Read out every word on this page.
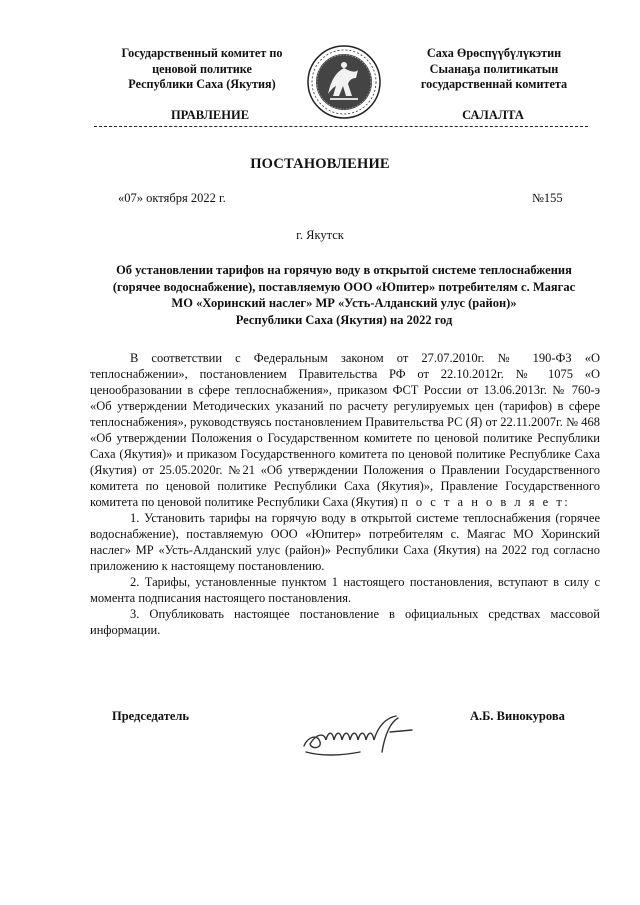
Государственный комитет по
ценовой политике
Республики Саха (Якутия)
Саха Өрөспүүбүлүкэтин
Сыанаҕа политикатын
государственнай комитета
ПРАВЛЕНИЕ	САЛАЛТА
ПОСТАНОВЛЕНИЕ
«07» октября 2022 г.	№155
г. Якутск
Об установлении тарифов на горячую воду в открытой системе теплоснабжения
(горячее водоснабжение), поставляемую ООО «Юпитер» потребителям с. Маягас
МО «Хоринский наслег» МР «Усть-Алданский улус (район)»
Республики Саха (Якутия) на 2022 год

В соответствии с Федеральным законом от 27.07.2010г. № 190-ФЗ «О теплоснабжении», постановлением Правительства РФ от 22.10.2012г. № 1075 «О ценообразовании в сфере теплоснабжения», приказом ФСТ России от 13.06.2013г. № 760-э «Об утверждении Методических указаний по расчету регулируемых цен (тарифов) в сфере теплоснабжения», руководствуясь постановлением Правительства РС (Я) от 22.11.2007г. № 468 «Об утверждении Положения о Государственном комитете по ценовой политике Республики Саха (Якутия)» и приказом Государственного комитета по ценовой политике Республике Саха (Якутия) от 25.05.2020г. №21 «Об утверждении Положения о Правлении Государственного комитета по ценовой политике Республики Саха (Якутия)», Правление Государственного комитета по ценовой политике Республики Саха (Якутия) п о с т а н о в л я е т:

1. Установить тарифы на горячую воду в открытой системе теплоснабжения (горячее водоснабжение), поставляемую ООО «Юпитер» потребителям с. Маягас МО Хоринский наслег» МР «Усть-Алданский улус (район)» Республики Саха (Якутия) на 2022 год согласно приложению к настоящему постановлению.

2. Тарифы, установленные пунктом 1 настоящего постановления, вступают в силу с момента подписания настоящего постановления.

3. Опубликовать настоящее постановление в официальных средствах массовой информации.

Председатель	А.Б. Винокурова
